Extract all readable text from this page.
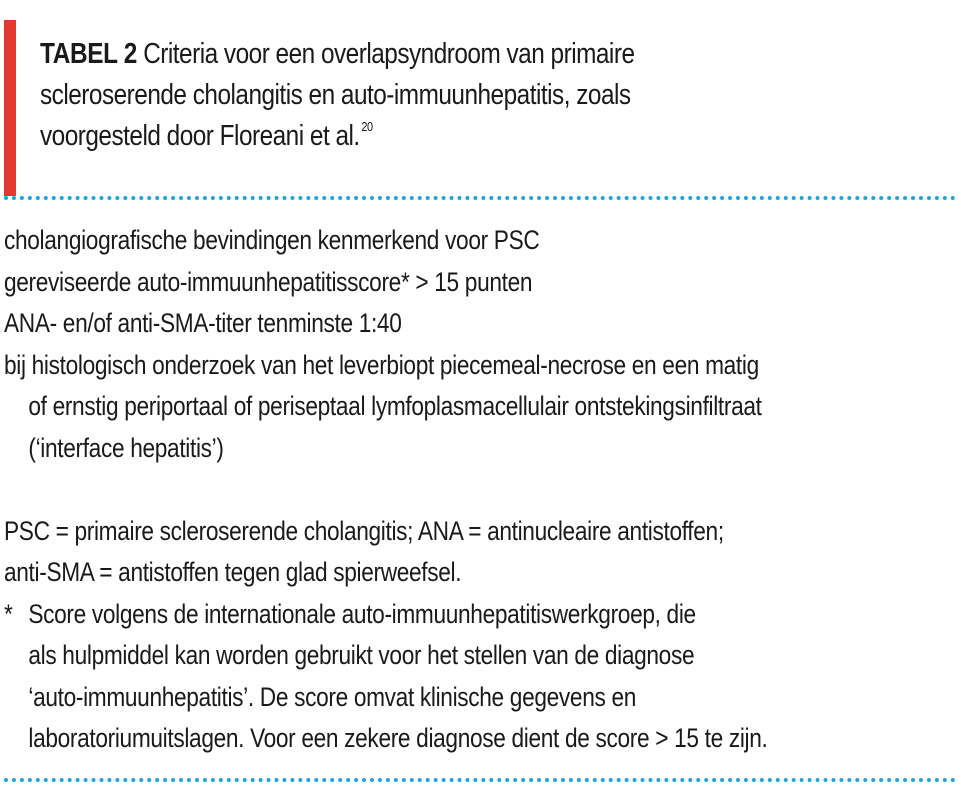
TABEL 2 Criteria voor een overlapsyndroom van primaire
scleroserende cholangitis en auto-immuunhepatitis, zoals
voorgesteld door Floreani et al. $^{20}$
cholangiografische bevindingen kenmerkend voor PSC
gereviseerde auto-immuunhepatitisscore* > 15 punten
ANA- en/of anti-SMA-titer tenminste 1:40
bij histologisch onderzoek van het leverbiopt piecemeal-necrose en een matig
of ernstig periportaal of periseptaal lymfoplasmacellulair ontstekingsinfiltraat
(‘interface hepatitis’)
PSC = primaire scleroserende cholangitis; ANA = antinucleaire antistoffen;
anti-SMA = antistoffen tegen glad spierweefsel.
* Score volgens de internationale auto-immuunhepatitiswerkgroep, die
als hulpmiddel kan worden gebruikt voor het stellen van de diagnose
‘auto-immuunhepatitis’. De score omvat klinische gegevens en
laboratoriumuitslagen. Voor een zekere diagnose dient de score > 15 te zijn.
